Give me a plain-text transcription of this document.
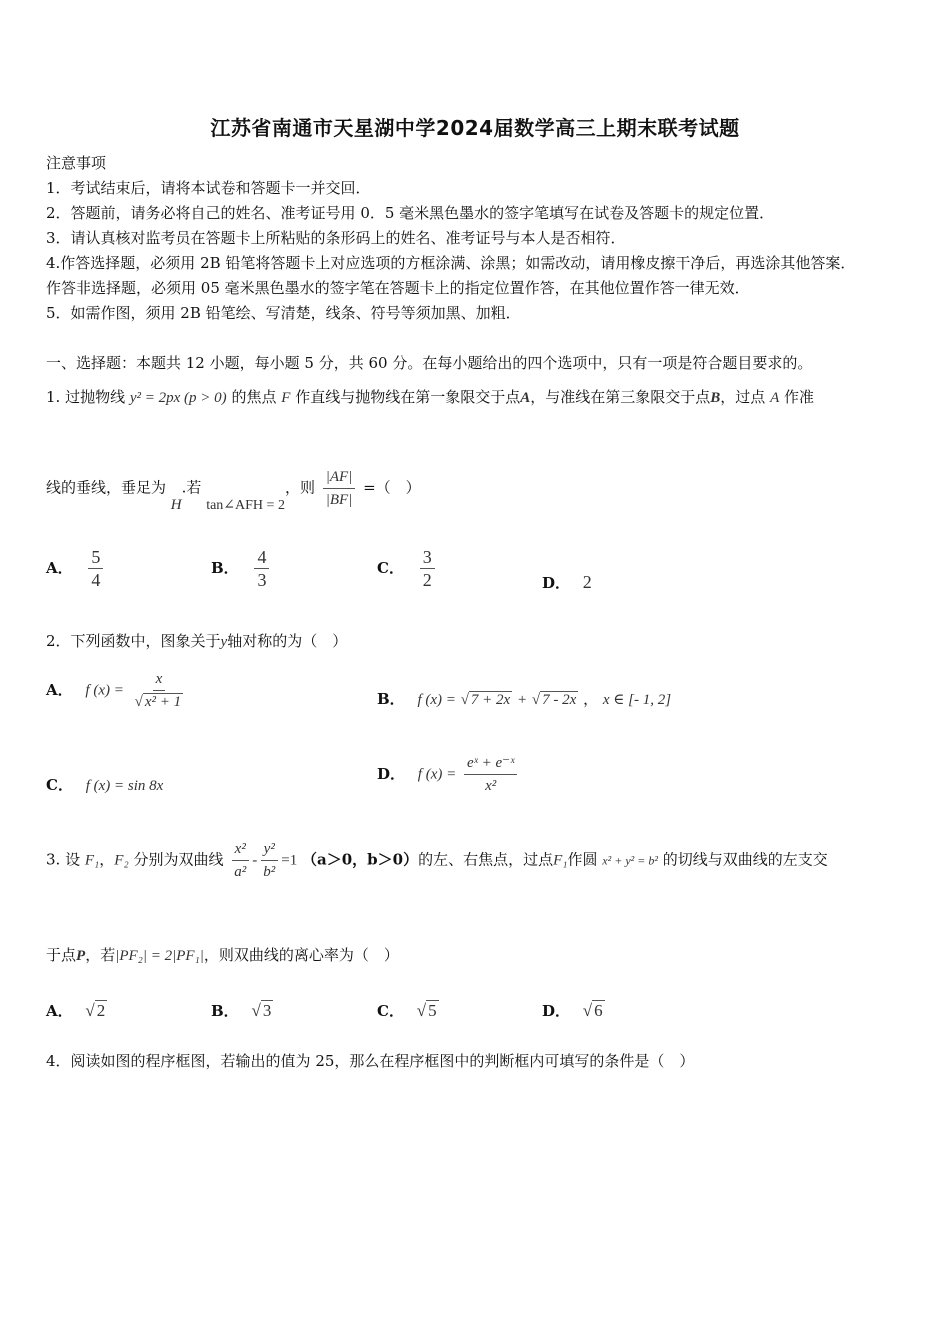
江苏省南通市天星湖中学2024届数学高三上期末联考试题
注意事项
1．考试结束后，请将本试卷和答题卡一并交回．
2．答题前，请务必将自己的姓名、准考证号用 0．5 毫米黑色墨水的签字笔填写在试卷及答题卡的规定位置．
3．请认真核对监考员在答题卡上所粘贴的条形码上的姓名、准考证号与本人是否相符．
4.作答选择题，必须用 2B 铅笔将答题卡上对应选项的方框涂满、涂黑；如需改动，请用橡皮擦干净后，再选涂其他答案．
作答非选择题，必须用 05 毫米黑色墨水的签字笔在答题卡上的指定位置作答，在其他位置作答一律无效．
5．如需作图，须用 2B 铅笔绘、写清楚，线条、符号等须加黑、加粗．
一、选择题：本题共 12 小题，每小题 5 分，共 60 分。在每小题给出的四个选项中，只有一项是符合题目要求的。
1. 过抛物线 y² = 2px (p > 0) 的焦点 F 作直线与抛物线在第一象限交于点A，与准线在第三象限交于点B，过点 A 作准
线的垂线，垂足为 H.若 tan∠AFH = 2，则 $\frac{|AF|}{|BF|}$ =（　）
A． $\frac{5}{4}$	B． $\frac{4}{3}$	C． $\frac{3}{2}$	D． 2
2．下列函数中，图象关于y轴对称的为（　）
A． f $(x) = \frac{x}{\text{√ x² + 1}}$	B． f (x) = √ 7 + 2x + √ 7 - 2x ， x ∈ [- 1, 2]
C． f (x) = sin 8x
D． f $(x) = \frac{\text{eˣ + e⁻ˣ}}{\text{x²}}$
3. 设 F₁，F₂ 分别为双曲线 $\frac{\text{x²}}{\text{a²}} - \frac{\text{y²}}{\text{b²}} =1$ （a＞0，b＞0）的左、右焦点，过点F₁作圆 x² + y² = b² 的切线与双曲线的左支交
于点P，若|PF₂| = 2|PF₁|，则双曲线的离心率为（　）
A． √ 2	B． √ 3	C． √ 5	D． √ 6
4．阅读如图的程序框图，若输出的值为 25，那么在程序框图中的判断框内可填写的条件是（　）
